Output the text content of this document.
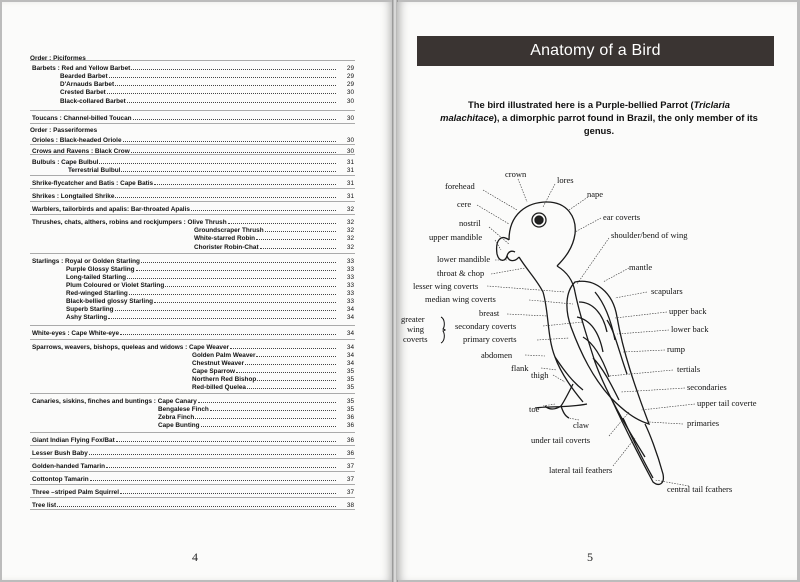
Order : Piciformes
Barbets : Red and Yellow Barbet	29
Bearded Barbet	29
D'Arnauds Barbet	29
Crested Barbet	30
Black-collared Barbet	30
Toucans : Channel-billed Toucan	30
Order : Passeriformes
Orioles : Black-headed Oriole	30
Crows and Ravens : Black Crow	30
Bulbuls : Cape Bulbul	31
Terrestrial Bulbul	31
Shrike-flycatcher and Batis : Cape Batis	31
Shrikes : Longtailed Shrike	31
Warblers, tailorbirds and apalis: Bar-throated Apalis	32
Thrushes, chats, althers, robins and rockjumpers : Olive Thrush	32
Groundscraper Thrush	32
White-starred Robin	32
Chorister Robin-Chat	32
Starlings : Royal or Golden Starling	33
Purple Glossy Starling	33
Long-tailed Starling	33
Plum Coloured or Violet Starling	33
Red-winged Starling	33
Black-bellied glossy Starling	33
Superb Starling	34
Ashy Starling	34
White-eyes : Cape White-eye	34
Sparrows, weavers, bishops, queleas and widows : Cape Weaver	34
Golden Palm Weaver	34
Chestnut Weaver	34
Cape Sparrow	35
Northern Red Bishop	35
Red-billed Quelea	35
Canaries, siskins, finches and buntings : Cape Canary	35
Bengalese Finch	35
Zebra Finch	36
Cape Bunting	36
Giant Indian Flying Fox/Bat	36
Lesser Bush Baby	36
Golden-handed Tamarin	37
Cottontop Tamarin	37
Three –striped Palm Squirrel	37
Tree list	38
4
Anatomy of a Bird
The bird illustrated here is a Purple-bellied Parrot (Triclaria malachitace), a dimorphic parrot found in Brazil, the only member of its genus.
forehead
crown
lores
cere
nape
ear coverts
nostril
upper mandible	shoulder/bend of wing
lower mandible
throat & chop
mantle
lesser wing coverts	scapulars
median wing coverts
breast	upper back
greater
wing
coverts
secondary coverts	lower back
primary coverts
rump
abdomen
flank	tertials
thigh
secondaries
upper tail coverte
toe
primaries
claw
under tail coverts
lateral tail feathers
central tail fcathers
5
